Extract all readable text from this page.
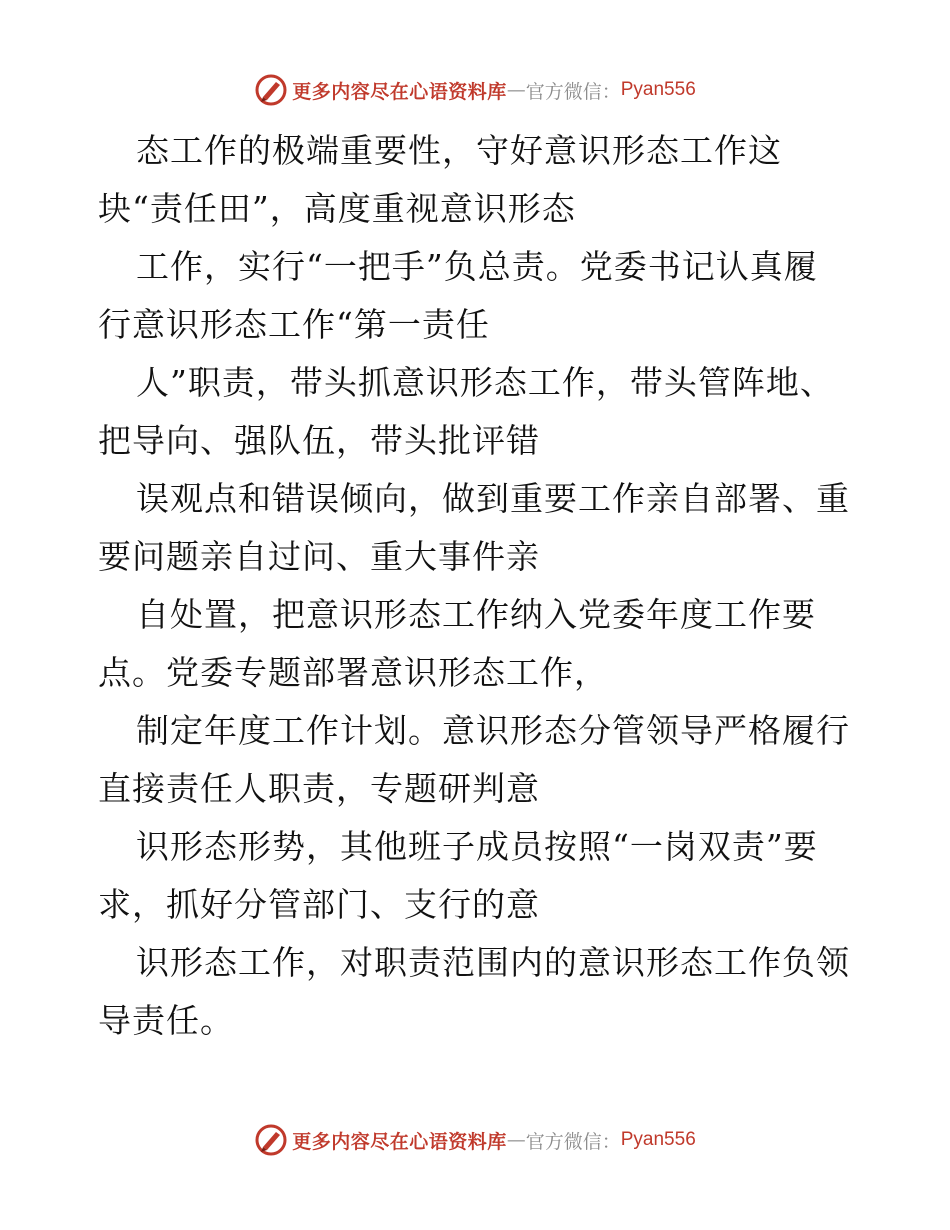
更多内容尽在心语资料库 — 官方微信： Pyan556
态工作的极端重要性，守好意识形态工作这
块“责任田”，高度重视意识形态
工作，实行“一把手”负总责。党委书记认真履
行意识形态工作“第一责任
人”职责，带头抓意识形态工作，带头管阵地、
把导向、强队伍，带头批评错
误观点和错误倾向，做到重要工作亲自部署、重
要问题亲自过问、重大事件亲
自处置，把意识形态工作纳入党委年度工作要
点。党委专题部署意识形态工作，
制定年度工作计划。意识形态分管领导严格履行
直接责任人职责，专题研判意
识形态形势，其他班子成员按照“一岗双责”要
求，抓好分管部门、支行的意
识形态工作，对职责范围内的意识形态工作负领
导责任。
更多内容尽在心语资料库 — 官方微信： Pyan556
